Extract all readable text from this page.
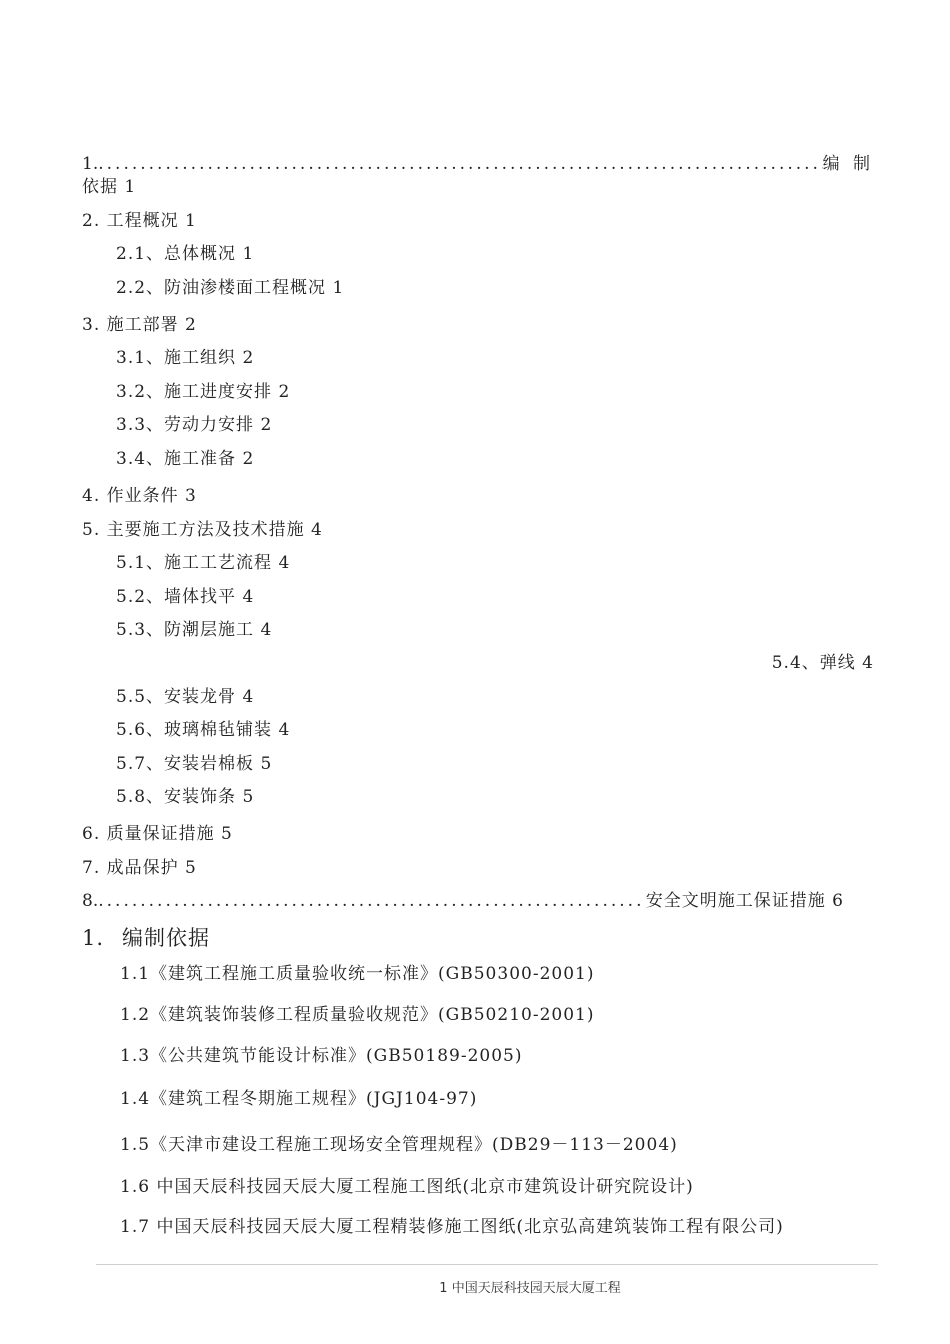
1. .....	编 制
依据 1
2. 工程概况 1
2.1、总体概况 1
2.2、防油渗楼面工程概况 1
3. 施工部署 2
3.1、施工组织 2
3.2、施工进度安排 2
3.3、劳动力安排 2
3.4、施工准备 2
4. 作业条件 3
5. 主要施工方法及技术措施 4
5.1、施工工艺流程 4
5.2、墙体找平 4
5.3、防潮层施工 4
5.4、弹线 4
5.5、安装龙骨 4
5.6、玻璃棉毡铺装 4
5.7、安装岩棉板 5
5.8、安装饰条 5
6. 质量保证措施 5
7. 成品保护 5
8. .....	安全文明施工保证措施 6
1. 编制依据
1.1《建筑工程施工质量验收统一标准》(GB50300-2001)
1.2《建筑装饰装修工程质量验收规范》(GB50210-2001)
1.3《公共建筑节能设计标准》(GB50189-2005)
1.4《建筑工程冬期施工规程》(JGJ104-97)
1.5《天津市建设工程施工现场安全管理规程》(DB29－113－2004)
1.6 中国天辰科技园天辰大厦工程施工图纸(北京市建筑设计研究院设计)
1.7 中国天辰科技园天辰大厦工程精装修施工图纸(北京弘高建筑装饰工程有限公司)
1 中国天辰科技园天辰大厦工程
